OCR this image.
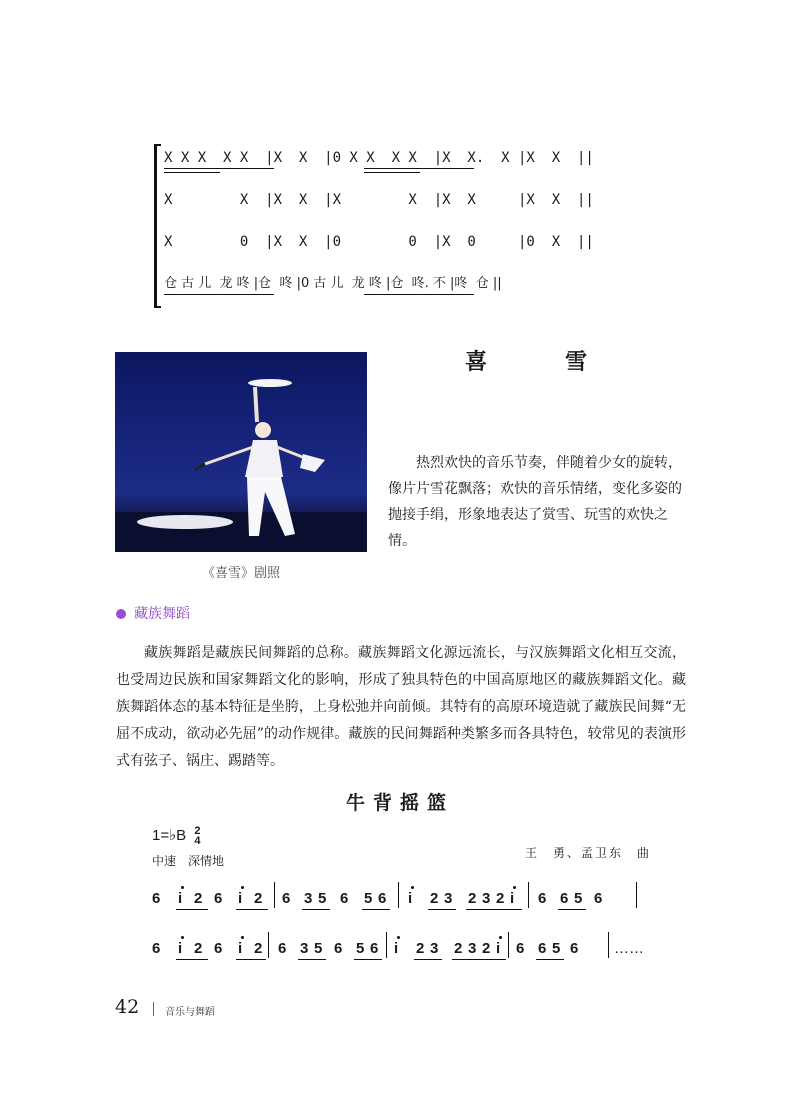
X X X  X X  |X  X  |0 X X  X X  |X  X.  X |X  X  ||
X        X  |X  X  |X        X  |X  X     |X  X  ||
X        0  |X  X  |0        0  |X  0     |0  X  ||
仓 古 儿  龙 咚 |仓  咚 |0 古 儿  龙 咚 |仓  咚. 不 |咚  仓 ||
《喜雪》剧照
喜　雪
热烈欢快的音乐节奏，伴随着少女的旋转，像片片雪花飘落；欢快的音乐情绪，变化多姿的抛接手绢，形象地表达了赏雪、玩雪的欢快之情。
藏族舞蹈
藏族舞蹈是藏族民间舞蹈的总称。藏族舞蹈文化源远流长，与汉族舞蹈文化相互交流，也受周边民族和国家舞蹈文化的影响，形成了独具特色的中国高原地区的藏族舞蹈文化。藏族舞蹈体态的基本特征是坐胯，上身松弛并向前倾。其特有的高原环境造就了藏族民间舞“无屈不成动，欲动必先屈”的动作规律。藏族的民间舞蹈种类繁多而各具特色，较常见的表演形式有弦子、锅庄、踢踏等。
牛背摇篮
1=♭B 2
4
中速　深情地
王　勇、孟卫东　曲
6 i 2 6 i 2 6 3 5 6 5 6 i 2 3 2 3 2 i 6 6 5 6
6 i 2 6 i 2 6 3 5 6 5 6 i 2 3 2 3 2 i 6 6 5 6 ……
42	音乐与舞蹈
